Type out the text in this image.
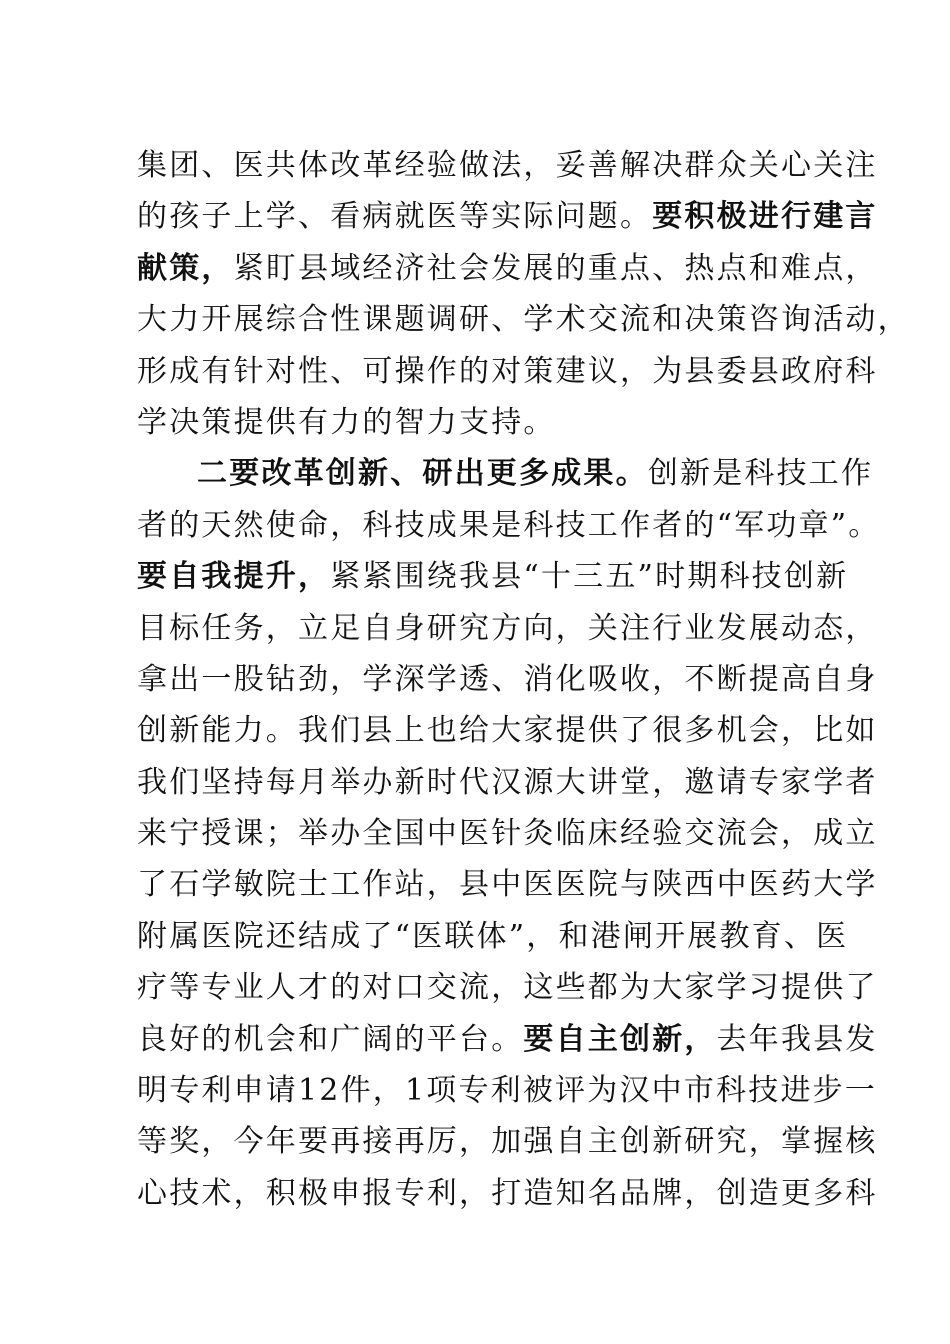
集团、医共体改革经验做法，妥善解决群众关心关注
的孩子上学、看病就医等实际问题。要积极进行建言
献策，紧盯县域经济社会发展的重点、热点和难点，
大力开展综合性课题调研、学术交流和决策咨询活动，
形成有针对性、可操作的对策建议，为县委县政府科
学决策提供有力的智力支持。
二要改革创新、研出更多成果。创新是科技工作
者的天然使命，科技成果是科技工作者的“军功章”。
要自我提升，紧紧围绕我县“十三五”时期科技创新
目标任务，立足自身研究方向，关注行业发展动态，
拿出一股钻劲，学深学透、消化吸收，不断提高自身
创新能力。我们县上也给大家提供了很多机会，比如
我们坚持每月举办新时代汉源大讲堂，邀请专家学者
来宁授课；举办全国中医针灸临床经验交流会，成立
了石学敏院士工作站，县中医医院与陕西中医药大学
附属医院还结成了“医联体”，和港闸开展教育、医
疗等专业人才的对口交流，这些都为大家学习提供了
良好的机会和广阔的平台。要自主创新，去年我县发
明专利申请12件，1项专利被评为汉中市科技进步一
等奖，今年要再接再厉，加强自主创新研究，掌握核
心技术，积极申报专利，打造知名品牌，创造更多科
